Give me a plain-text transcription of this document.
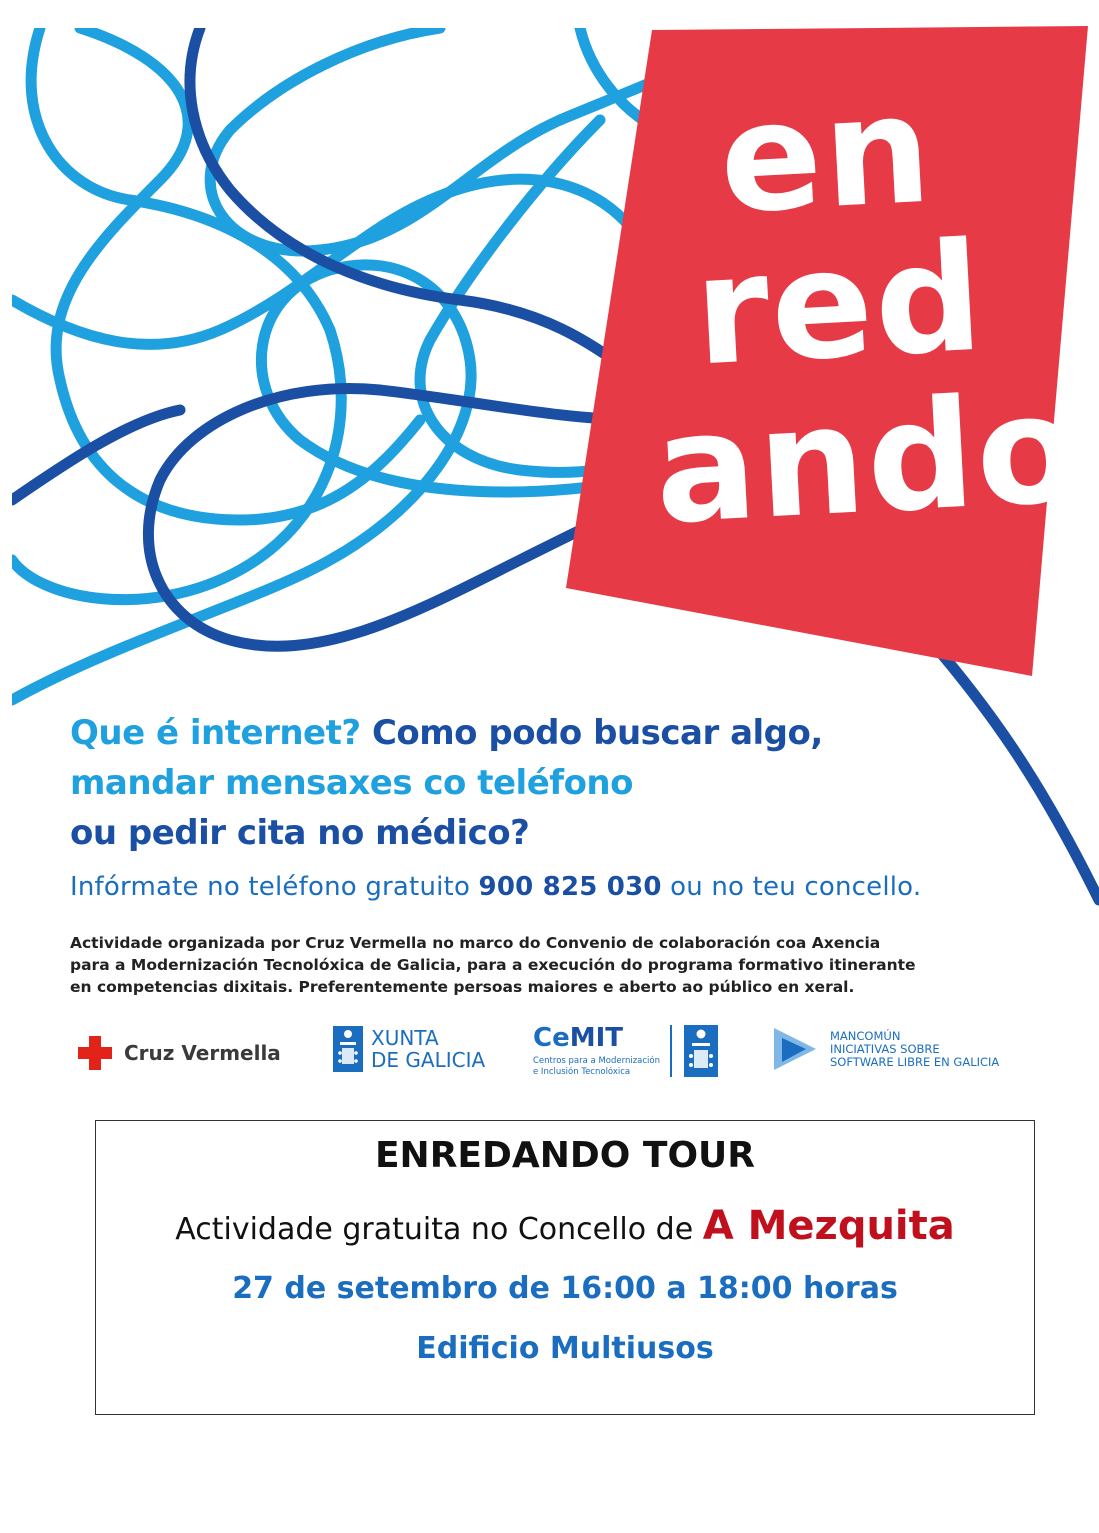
en
red
ando
Que é internet? Como podo buscar algo,
mandar mensaxes co teléfono
ou pedir cita no médico?
Infórmate no teléfono gratuito 900 825 030 ou no teu concello.
Actividade organizada por Cruz Vermella no marco do Convenio de colaboración coa Axencia
para a Modernización Tecnolóxica de Galicia, para a execución do programa formativo itinerante
en competencias dixitais. Preferentemente persoas maiores e aberto ao público en xeral.
Cruz Vermella
XUNTA
DE GALICIA
CeMIT
Centros para a Modernización
e Inclusión Tecnolóxica
MANCOMÚN
INICIATIVAS SOBRE
SOFTWARE LIBRE EN GALICIA
ENREDANDO TOUR
Actividade gratuita no Concello de A Mezquita
27 de setembro de 16:00 a 18:00 horas
Edificio Multiusos
